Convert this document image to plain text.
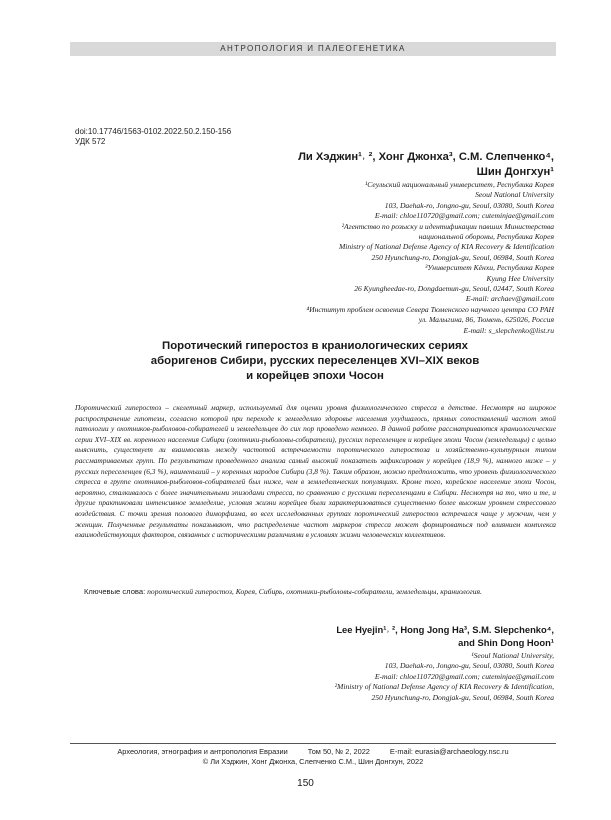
АНТРОПОЛОГИЯ И ПАЛЕОГЕНЕТИКА
doi:10.17746/1563-0102.2022.50.2.150-156
УДК 572
Ли Хэджин¹˒ ², Хонг Джонха³, С.М. Слепченко⁴,
Шин Донгхун¹
¹Сеульский национальный университет, Республика Корея
Seoul National University
103, Daehak-ro, Jongno-gu, Seoul, 03080, South Korea
E-mail: chloe110720@gmail.com; cuteminjae@gmail.com
²Агентство по розыску и идентификации павших Министерства
национальной обороны, Республика Корея
Ministry of National Defense Agency of KIA Recovery & Identification
250 Hyunchung-ro, Dongjak-gu, Seoul, 06984, South Korea
³Университет Кёнхи, Республика Корея
Kyung Hee University
26 Kyungheedae-ro, Dongdaemun-gu, Seoul, 02447, South Korea
E-mail: archaev@gmail.com
⁴Институт проблем освоения Севера Тюменского научного центра СО РАН
ул. Малыгина, 86, Тюмень, 625026, Россия
E-mail: s_slepchenko@list.ru
Поротический гиперостоз в краниологических сериях
аборигенов Сибири, русских переселенцев XVI–XIX веков
и корейцев эпохи Чосон
Поротический гиперостоз – скелетный маркер, используемый для оценки уровня физиологического стресса в детстве. Несмотря на широкое распространение гипотезы, согласно которой при переходе к земледелию здоровье населения ухудшалось, прямых сопоставлений частот этой патологии у охотников-рыболовов-собирателей и земледельцев до сих пор проведено немного. В данной работе рассматриваются краниологические серии XVI–XIX вв. коренного населения Сибири (охотники-рыболовы-собиратели), русских переселенцев и корейцев эпохи Чосон (земледельцы) с целью выяснить, существует ли взаимосвязь между частотой встречаемости поротического гиперостоза и хозяйственно-культурным типом рассматриваемых групп. По результатам проведенного анализа самый высокий показатель зафиксирован у корейцев (18,9 %), намного ниже – у русских переселенцев (6,3 %), наименьший – у коренных народов Сибири (3,8 %). Таким образом, можно предположить, что уровень физиологического стресса в группе охотников-рыболовов-собирателей был ниже, чем в земледельческих популяциях. Кроме того, корейское население эпохи Чосон, вероятно, сталкивалось с более значительными эпизодами стресса, по сравнению с русскими переселенцами в Сибири. Несмотря на то, что и те, и другие практиковали интенсивное земледелие, условия жизни корейцев были характеризоваться существенно более высоким уровнем стрессового воздействия. С точки зрения полового диморфизма, во всех исследованных группах поротический гиперостоз встречался чаще у мужчин, чем у женщин. Полученные результаты показывают, что распределение частот маркеров стресса может формироваться под влиянием комплекса взаимодействующих факторов, связанных с историческими различиями в условиях жизни человеческих коллективов.
Ключевые слова: поротический гиперостоз, Корея, Сибирь, охотники-рыболовы-собиратели, земледельцы, краниология.
Lee Hyejin¹˒ ², Hong Jong Ha³, S.M. Slepchenko⁴,
and Shin Dong Hoon¹
¹Seoul National University,
103, Daehak-ro, Jongno-gu, Seoul, 03080, South Korea
E-mail: chloe110720@gmail.com; cuteminjae@gmail.com
²Ministry of National Defense Agency of KIA Recovery & Identification,
250 Hyunchung-ro, Dongjak-gu, Seoul, 06984, South Korea
Археология, этнография и антропология Евразии	Том 50, № 2, 2022	E-mail: eurasia@archaeology.nsc.ru
© Ли Хэджин, Хонг Джонха, Слепченко С.М., Шин Донгхун, 2022
150
